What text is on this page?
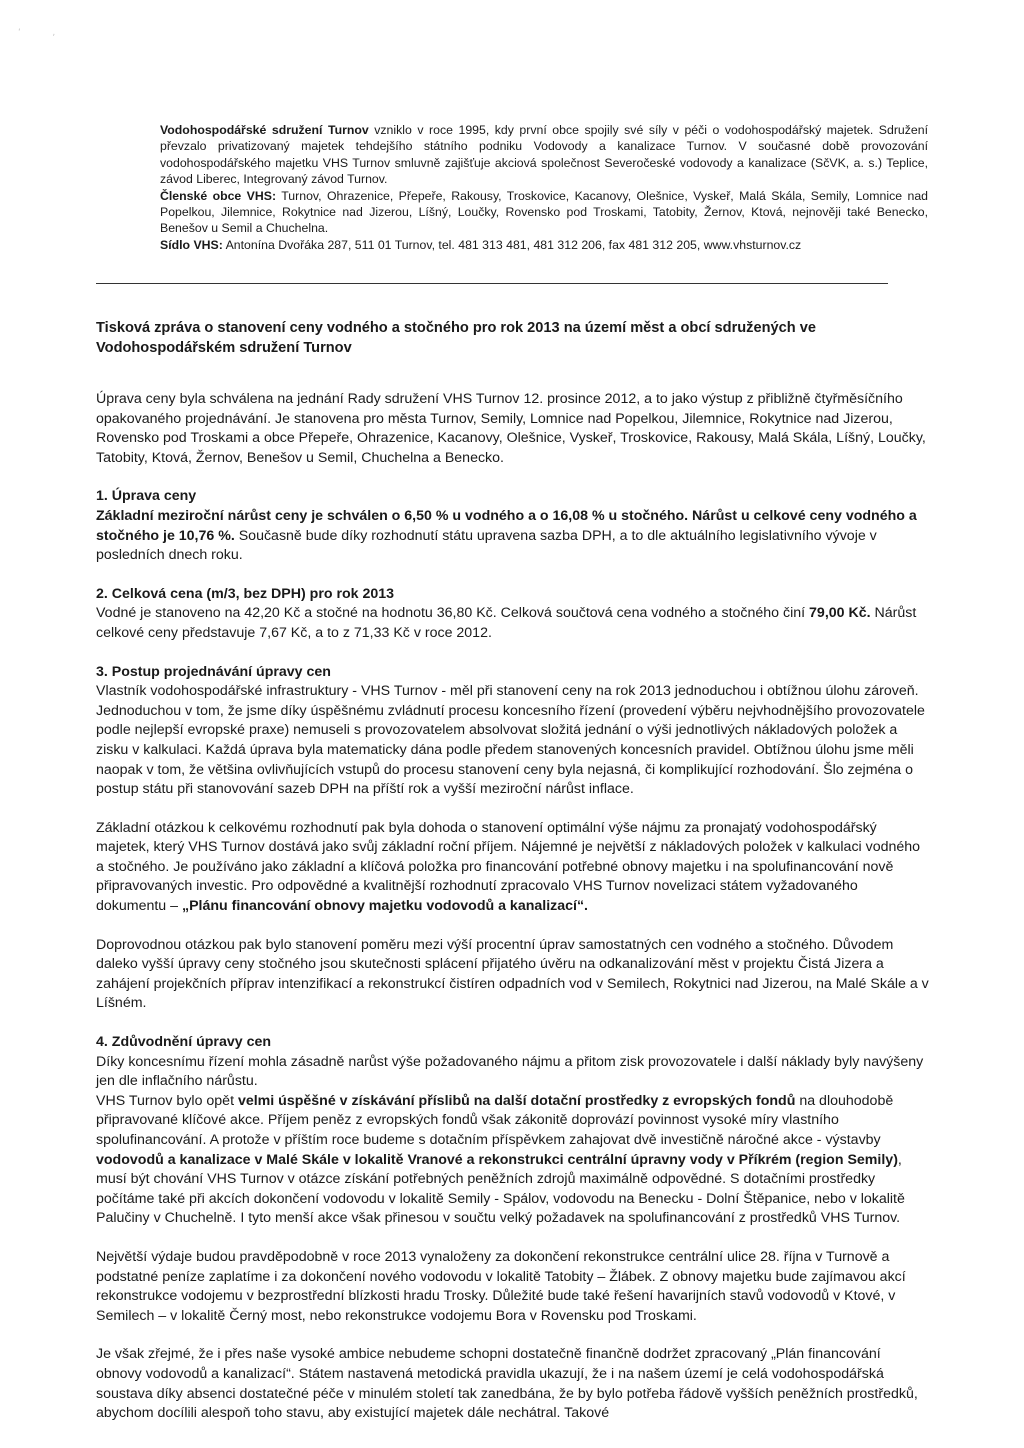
ʻ           ,

Vodohospodářské sdružení Turnov vzniklo v roce 1995, kdy první obce spojily své síly v péči o vodohospodářský majetek. Sdružení převzalo privatizovaný majetek tehdejšího státního podniku Vodovody a kanalizace Turnov. V současné době provozování vodohospodářského majetku VHS Turnov smluvně zajišťuje akciová společnost Severočeské vodovody a kanalizace (SčVK, a. s.) Teplice, závod Liberec, Integrovaný závod Turnov.

Členské obce VHS: Turnov, Ohrazenice, Přepeře, Rakousy, Troskovice, Kacanovy, Olešnice, Vyskeř, Malá Skála, Semily, Lomnice nad Popelkou, Jilemnice, Rokytnice nad Jizerou, Líšný, Loučky, Rovensko pod Troskami, Tatobity, Žernov, Ktová, nejnověji také Benecko, Benešov u Semil a Chuchelna.

Sídlo VHS: Antonína Dvořáka 287, 511 01 Turnov, tel. 481 313 481, 481 312 206, fax 481 312 205, www.vhsturnov.cz

Tisková zpráva o stanovení ceny vodného a stočného pro rok 2013 na území měst a obcí sdružených ve Vodohospodářském sdružení Turnov

Úprava ceny byla schválena na jednání Rady sdružení VHS Turnov 12. prosince 2012, a to jako výstup z přibližně čtyřměsíčního opakovaného projednávání. Je stanovena pro města Turnov, Semily, Lomnice nad Popelkou, Jilemnice, Rokytnice nad Jizerou, Rovensko pod Troskami a obce Přepeře, Ohrazenice, Kacanovy, Olešnice, Vyskeř, Troskovice, Rakousy, Malá Skála, Líšný, Loučky, Tatobity, Ktová, Žernov, Benešov u Semil, Chuchelna a Benecko.

1. Úprava ceny

Základní meziroční nárůst ceny je schválen o 6,50 % u vodného a o 16,08 % u stočného. Nárůst u celkové ceny vodného a stočného je 10,76 %. Současně bude díky rozhodnutí státu upravena sazba DPH, a to dle aktuálního legislativního vývoje v posledních dnech roku.

2. Celková cena (m/3, bez DPH) pro rok 2013

Vodné je stanoveno na 42,20 Kč a stočné na hodnotu 36,80 Kč. Celková součtová cena vodného a stočného činí 79,00 Kč. Nárůst celkové ceny představuje 7,67 Kč, a to z 71,33 Kč v roce 2012.

3. Postup projednávání úpravy cen

Vlastník vodohospodářské infrastruktury - VHS Turnov - měl při stanovení ceny na rok 2013 jednoduchou i obtížnou úlohu zároveň. Jednoduchou v tom, že jsme díky úspěšnému zvládnutí procesu koncesního řízení (provedení výběru nejvhodnějšího provozovatele podle nejlepší evropské praxe) nemuseli s provozovatelem absolvovat složitá jednání o výši jednotlivých nákladových položek a zisku v kalkulaci. Každá úprava byla matematicky dána podle předem stanovených koncesních pravidel. Obtížnou úlohu jsme měli naopak v tom, že většina ovlivňujících vstupů do procesu stanovení ceny byla nejasná, či komplikující rozhodování. Šlo zejména o postup státu při stanovování sazeb DPH na příští rok a vyšší meziroční nárůst inflace.

Základní otázkou k celkovému rozhodnutí pak byla dohoda o stanovení optimální výše nájmu za pronajatý vodohospodářský majetek, který VHS Turnov dostává jako svůj základní roční příjem. Nájemné je největší z nákladových položek v kalkulaci vodného a stočného. Je používáno jako základní a klíčová položka pro financování potřebné obnovy majetku i na spolufinancování nově připravovaných investic. Pro odpovědné a kvalitnější rozhodnutí zpracovalo VHS Turnov novelizaci státem vyžadovaného dokumentu – „Plánu financování obnovy majetku vodovodů a kanalizací“.

Doprovodnou otázkou pak bylo stanovení poměru mezi výší procentní úprav samostatných cen vodného a stočného. Důvodem daleko vyšší úpravy ceny stočného jsou skutečnosti splácení přijatého úvěru na odkanalizování měst v projektu Čistá Jizera a zahájení projekčních příprav intenzifikací a rekonstrukcí čistíren odpadních vod v Semilech, Rokytnici nad Jizerou, na Malé Skále a v Líšném.

4. Zdůvodnění úpravy cen

Díky koncesnímu řízení mohla zásadně narůst výše požadovaného nájmu a přitom zisk provozovatele i další náklady byly navýšeny jen dle inflačního nárůstu.

VHS Turnov bylo opět velmi úspěšné v získávání příslibů na další dotační prostředky z evropských fondů na dlouhodobě připravované klíčové akce. Příjem peněz z evropských fondů však zákonitě doprovází povinnost vysoké míry vlastního spolufinancování. A protože v příštím roce budeme s dotačním příspěvkem zahajovat dvě investičně náročné akce - výstavby vodovodů a kanalizace v Malé Skále v lokalitě Vranové a rekonstrukci centrální úpravny vody v Příkrém (region Semily), musí být chování VHS Turnov v otázce získání potřebných peněžních zdrojů maximálně odpovědné. S dotačními prostředky počítáme také při akcích dokončení vodovodu v lokalitě Semily - Spálov, vodovodu na Benecku - Dolní Štěpanice, nebo v lokalitě Palučiny v Chuchelně. I tyto menší akce však přinesou v součtu velký požadavek na spolufinancování z prostředků VHS Turnov.

Největší výdaje budou pravděpodobně v roce 2013 vynaloženy za dokončení rekonstrukce centrální ulice 28. října v Turnově a podstatné peníze zaplatíme i za dokončení nového vodovodu v lokalitě Tatobity – Žlábek. Z obnovy majetku bude zajímavou akcí rekonstrukce vodojemu v bezprostřední blízkosti hradu Trosky. Důležité bude také řešení havarijních stavů vodovodů v Ktové, v Semilech – v lokalitě Černý most, nebo rekonstrukce vodojemu Bora v Rovensku pod Troskami.

Je však zřejmé, že i přes naše vysoké ambice nebudeme schopni dostatečně finančně dodržet zpracovaný „Plán financování obnovy vodovodů a kanalizací“. Státem nastavená metodická pravidla ukazují, že i na našem území je celá vodohospodářská soustava díky absenci dostatečné péče v minulém století tak zanedbána, že by bylo potřeba řádově vyšších peněžních prostředků, abychom docílili alespoň toho stavu, aby existující majetek dále nechátral. Takové
